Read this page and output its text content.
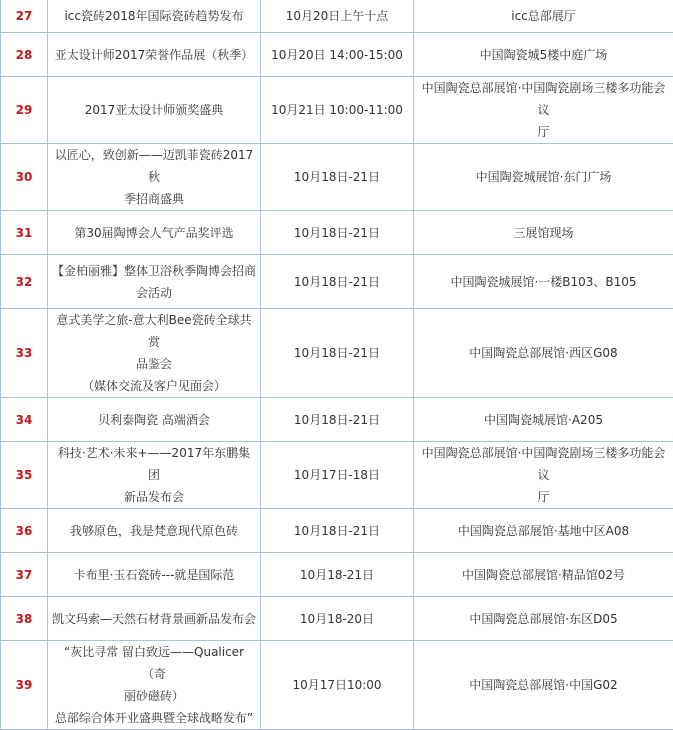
27	icc瓷砖2018年国际瓷砖趋势发布	10月20日上午十点	icc总部展厅

28	亚太设计师2017荣誉作品展（秋季）	10月20日 14:00-15:00	中国陶瓷城5楼中庭广场

29	2017亚太设计师颁奖盛典	10月21日 10:00-11:00	中国陶瓷总部展馆·中国陶瓷剧场三楼多功能会议
厅

30	以匠心，致创新——迈凯菲瓷砖2017秋
季招商盛典	10月18日-21日	中国陶瓷城展馆·东门广场

31	第30届陶博会人气产品奖评选	10月18日-21日	三展馆现场

32	【金柏丽雅】整体卫浴秋季陶博会招商
会活动	10月18日-21日	中国陶瓷城展馆·一楼B103、B105

33	意式美学之旅-意大利Bee瓷砖全球共赏
品鉴会
（媒体交流及客户见面会）	10月18日-21日	中国陶瓷总部展馆·西区G08

34	贝利泰陶瓷 高端酒会	10月18日-21日	中国陶瓷城展馆·A205

35	科技·艺术·未来+——2017年东鹏集团
新品发布会	10月17日-18日	中国陶瓷总部展馆·中国陶瓷剧场三楼多功能会议
厅

36	我够原色，我是梵意现代原色砖	10月18日-21日	中国陶瓷总部展馆·基地中区A08

37	卡布里·玉石瓷砖---就是国际范	10月18-21日	中国陶瓷总部展馆·精品馆02号

38	凯文玛索—天然石材背景画新品发布会	10月18-20日	中国陶瓷总部展馆·东区D05

39	“灰比寻常 留白致远——Qualicer（奇
丽砂磁砖）
总部综合体开业盛典暨全球战略发布”	10月17日10:00	中国陶瓷总部展馆·中国G02
